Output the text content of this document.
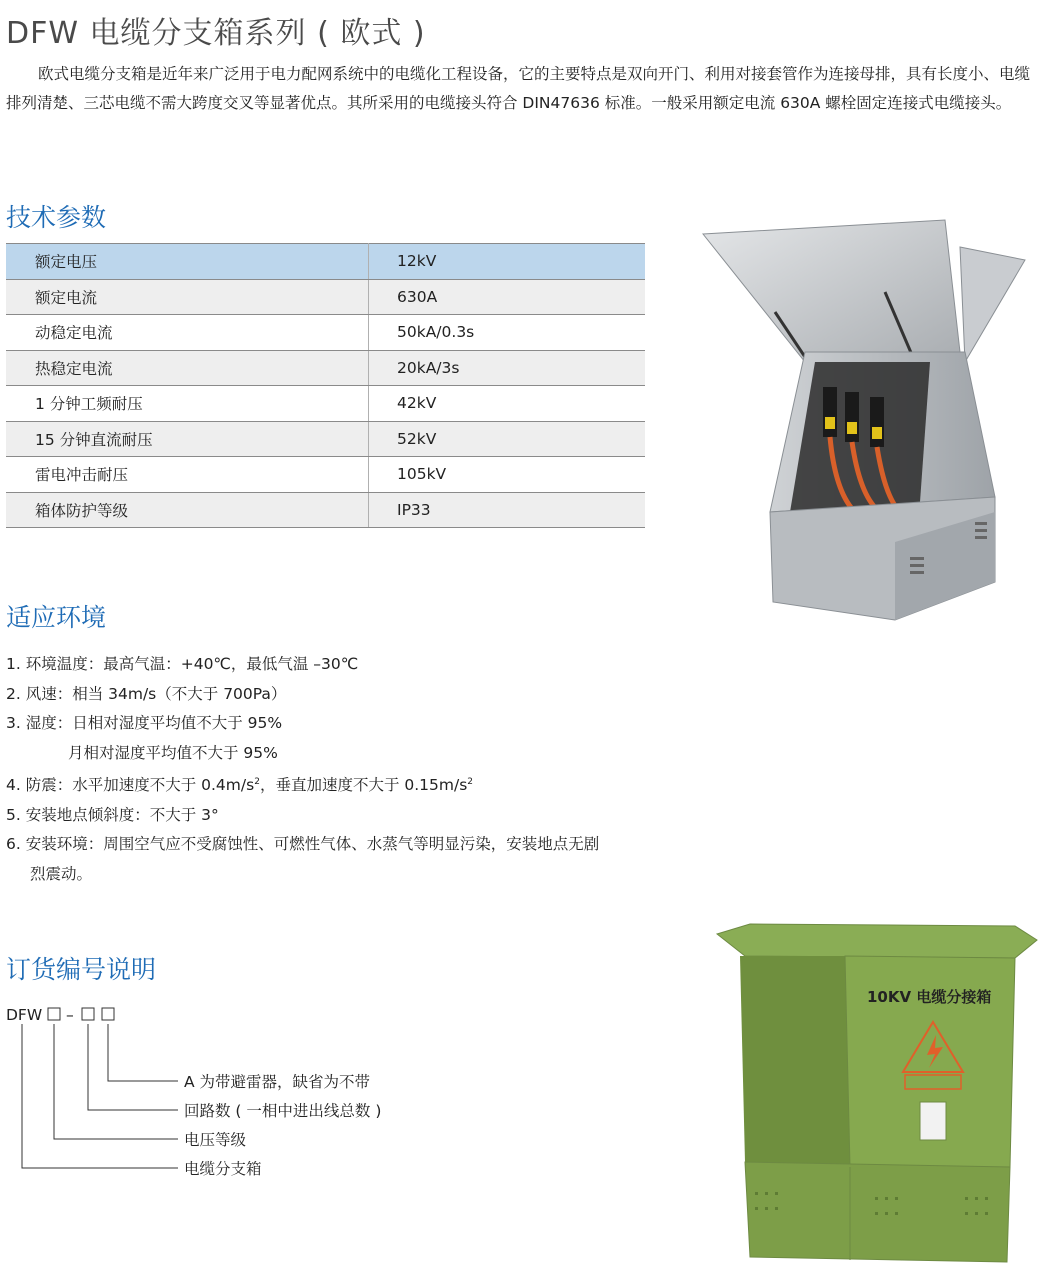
DFW 电缆分支箱系列 ( 欧式 )
欧式电缆分支箱是近年来广泛用于电力配网系统中的电缆化工程设备，它的主要特点是双向开门、利用对接套管作为连接母排，具有长度小、电缆排列清楚、三芯电缆不需大跨度交叉等显著优点。其所采用的电缆接头符合 DIN47636 标准。一般采用额定电流 630A 螺栓固定连接式电缆接头。
技术参数
额定电压	12kV
额定电流	630A
动稳定电流	50kA/0.3s
热稳定电流	20kA/3s
1 分钟工频耐压	42kV
15 分钟直流耐压	52kV
雷电冲击耐压	105kV
箱体防护等级	IP33
适应环境
1. 环境温度：最高气温：+40℃，最低气温 –30℃
2. 风速：相当 34m/s（不大于 700Pa）
3. 湿度：日相对湿度平均值不大于 95%
月相对湿度平均值不大于 95%
4. 防震：水平加速度不大于 $0.4m/s^2$，垂直加速度不大于 $0.15m/s^2$
5. 安装地点倾斜度：不大于 3°
6. 安装环境：周围空气应不受腐蚀性、可燃性气体、水蒸气等明显污染，安装地点无剧
烈震动。
订货编号说明
DFW –
A 为带避雷器，缺省为不带
回路数 ( 一相中进出线总数 )
电压等级
电缆分支箱
10KV 电缆分接箱
